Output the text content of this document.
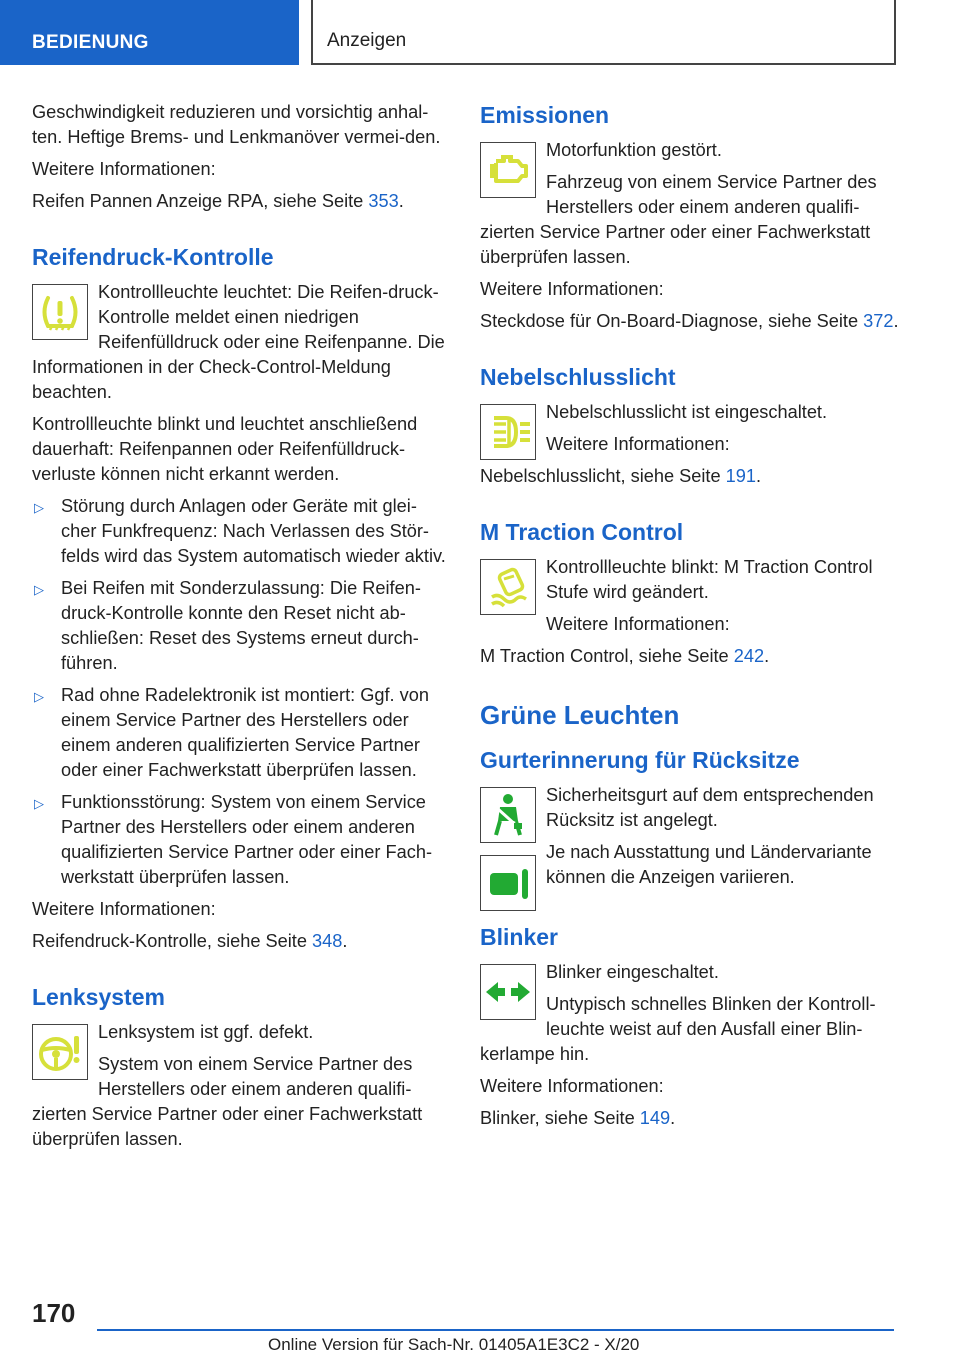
BEDIENUNG	Anzeigen

Geschwindigkeit reduzieren und vorsichtig anhal-ten. Heftige Brems- und Lenkmanöver vermei-den.

Weitere Informationen:

Reifen Pannen Anzeige RPA, siehe Seite 353.

Reifendruck-Kontrolle

Kontrollleuchte leuchtet: Die Reifen-druck-Kontrolle meldet einen niedrigen Reifenfülldruck oder eine Reifenpanne. Die Informationen in der Check-Control-Meldung beachten.

Kontrollleuchte blinkt und leuchtet anschließend dauerhaft: Reifenpannen oder Reifenfülldruck-verluste können nicht erkannt werden.

▷ Störung durch Anlagen oder Geräte mit glei-cher Funkfrequenz: Nach Verlassen des Stör-felds wird das System automatisch wieder aktiv.
▷ Bei Reifen mit Sonderzulassung: Die Reifen-druck-Kontrolle konnte den Reset nicht ab-schließen: Reset des Systems erneut durch-führen.
▷ Rad ohne Radelektronik ist montiert: Ggf. von einem Service Partner des Herstellers oder einem anderen qualifizierten Service Partner oder einer Fachwerkstatt überprüfen lassen.
▷ Funktionsstörung: System von einem Service Partner des Herstellers oder einem anderen qualifizierten Service Partner oder einer Fach-werkstatt überprüfen lassen.

Weitere Informationen:

Reifendruck-Kontrolle, siehe Seite 348.

Lenksystem

Lenksystem ist ggf. defekt.

System von einem Service Partner des Herstellers oder einem anderen qualifi-zierten Service Partner oder einer Fachwerkstatt überprüfen lassen.

Emissionen

Motorfunktion gestört.

Fahrzeug von einem Service Partner des Herstellers oder einem anderen qualifi-zierten Service Partner oder einer Fachwerkstatt überprüfen lassen.

Weitere Informationen:

Steckdose für On-Board-Diagnose, siehe Seite 372.

Nebelschlusslicht

Nebelschlusslicht ist eingeschaltet.

Weitere Informationen:

Nebelschlusslicht, siehe Seite 191.

M Traction Control

Kontrollleuchte blinkt: M Traction Control Stufe wird geändert.

Weitere Informationen:

M Traction Control, siehe Seite 242.

Grüne Leuchten
Gurterinnerung für Rücksitze

Sicherheitsgurt auf dem entsprechenden Rücksitz ist angelegt.

Je nach Ausstattung und Ländervariante können die Anzeigen variieren.

Blinker

Blinker eingeschaltet.

Untypisch schnelles Blinken der Kontroll-leuchte weist auf den Ausfall einer Blin-kerlampe hin.

Weitere Informationen:

Blinker, siehe Seite 149.

170
Online Version für Sach-Nr. 01405A1E3C2 - X/20
